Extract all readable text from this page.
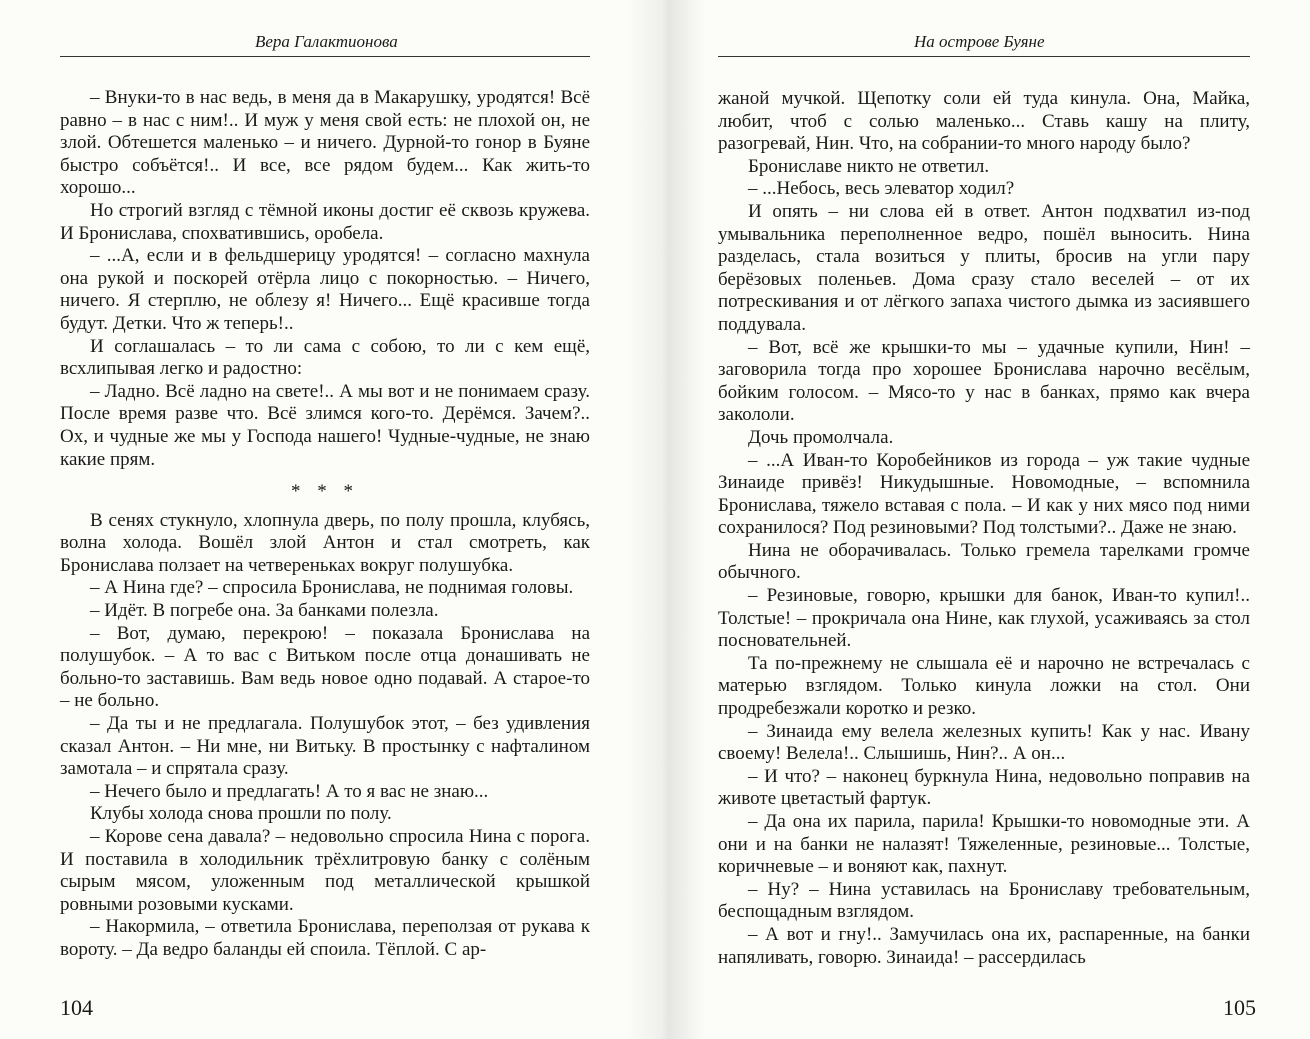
Вера Галактионова

– Внуки-то в нас ведь, в меня да в Макарушку, уродятся! Всё равно – в нас с ним!.. И муж у меня свой есть: не плохой он, не злой. Обтешется маленько – и ничего. Дурной-то гонор в Буяне быстро собъётся!.. И все, все рядом будем... Как жить-то хорошо...

Но строгий взгляд с тёмной иконы достиг её сквозь кружева. И Бронислава, спохватившись, оробела.

– ...А, если и в фельдшерицу уродятся! – согласно махнула она рукой и поскорей отёрла лицо с покорностью. – Ничего, ничего. Я стерплю, не облезу я! Ничего... Ещё красивше тогда будут. Детки. Что ж теперь!..

И соглашалась – то ли сама с собою, то ли с кем ещё, всхлипывая легко и радостно:

– Ладно. Всё ладно на свете!.. А мы вот и не понимаем сразу. После время разве что. Всё злимся кого-то. Дерёмся. Зачем?.. Ох, и чудные же мы у Господа нашего! Чудные-чудные, не знаю какие прям.

* * *

В сенях стукнуло, хлопнула дверь, по полу прошла, клубясь, волна холода. Вошёл злой Антон и стал смотреть, как Бронислава ползает на четвереньках вокруг полушубка.

– А Нина где? – спросила Бронислава, не поднимая головы.

– Идёт. В погребе она. За банками полезла.

– Вот, думаю, перекрою! – показала Бронислава на полушубок. – А то вас с Витьком после отца донашивать не больно-то заставишь. Вам ведь новое одно подавай. А старое-то – не больно.

– Да ты и не предлагала. Полушубок этот, – без удивления сказал Антон. – Ни мне, ни Витьку. В простынку с нафталином замотала – и спрятала сразу.

– Нечего было и предлагать! А то я вас не знаю...

Клубы холода снова прошли по полу.

– Корове сена давала? – недовольно спросила Нина с порога. И поставила в холодильник трёхлитровую банку с солёным сырым мясом, уложенным под металлической крышкой ровными розовыми кусками.

– Накормила, – ответила Бронислава, переползая от рукава к вороту. – Да ведро баланды ей споила. Тёплой. С ар-

104
На острове Буяне

жаной мучкой. Щепотку соли ей туда кинула. Она, Майка, любит, чтоб с солью маленько... Ставь кашу на плиту, разогревай, Нин. Что, на собрании-то много народу было?

Брониславе никто не ответил.

– ...Небось, весь элеватор ходил?

И опять – ни слова ей в ответ. Антон подхватил из-под умывальника переполненное ведро, пошёл выносить. Нина разделась, стала возиться у плиты, бросив на угли пару берёзовых поленьев. Дома сразу стало веселей – от их потрескивания и от лёгкого запаха чистого дымка из засиявшего поддувала.

– Вот, всё же крышки-то мы – удачные купили, Нин! – заговорила тогда про хорошее Бронислава нарочно весёлым, бойким голосом. – Мясо-то у нас в банках, прямо как вчера закололи.

Дочь промолчала.

– ...А Иван-то Коробейников из города – уж такие чудные Зинаиде привёз! Никудышные. Новомодные, – вспомнила Бронислава, тяжело вставая с пола. – И как у них мясо под ними сохранилося? Под резиновыми? Под толстыми?.. Даже не знаю.

Нина не оборачивалась. Только гремела тарелками громче обычного.

– Резиновые, говорю, крышки для банок, Иван-то купил!.. Толстые! – прокричала она Нине, как глухой, усаживаясь за стол посновательней.

Та по-прежнему не слышала её и нарочно не встречалась с матерью взглядом. Только кинула ложки на стол. Они продребезжали коротко и резко.

– Зинаида ему велела железных купить! Как у нас. Ивану своему! Велела!.. Слышишь, Нин?.. А он...

– И что? – наконец буркнула Нина, недовольно поправив на животе цветастый фартук.

– Да она их парила, парила! Крышки-то новомодные эти. А они и на банки не налазят! Тяжеленные, резиновые... Толстые, коричневые – и воняют как, пахнут.

– Ну? – Нина уставилась на Брониславу требовательным, беспощадным взглядом.

– А вот и гну!.. Замучилась она их, распаренные, на банки напяливать, говорю. Зинаида! – рассердилась

105
